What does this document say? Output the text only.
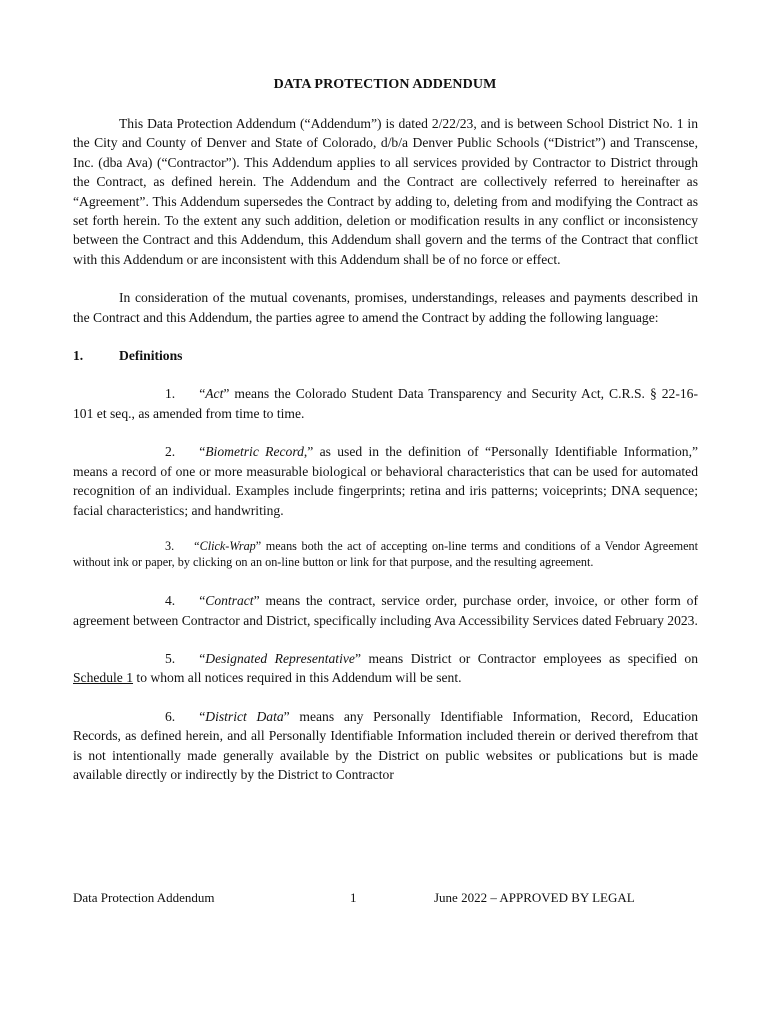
DATA PROTECTION ADDENDUM

This Data Protection Addendum (“Addendum”) is dated 2/22/23, and is between School District No. 1 in the City and County of Denver and State of Colorado, d/b/a Denver Public Schools (“District”) and Transcense, Inc. (dba Ava) (“Contractor”). This Addendum applies to all services provided by Contractor to District through the Contract, as defined herein. The Addendum and the Contract are collectively referred to hereinafter as “Agreement”. This Addendum supersedes the Contract by adding to, deleting from and modifying the Contract as set forth herein. To the extent any such addition, deletion or modification results in any conflict or inconsistency between the Contract and this Addendum, this Addendum shall govern and the terms of the Contract that conflict with this Addendum or are inconsistent with this Addendum shall be of no force or effect.

In consideration of the mutual covenants, promises, understandings, releases and payments described in the Contract and this Addendum, the parties agree to amend the Contract by adding the following language:

1.	Definitions

1. “Act” means the Colorado Student Data Transparency and Security Act, C.R.S. § 22-16-101 et seq., as amended from time to time.

2. “Biometric Record,” as used in the definition of “Personally Identifiable Information,” means a record of one or more measurable biological or behavioral characteristics that can be used for automated recognition of an individual. Examples include fingerprints; retina and iris patterns; voiceprints; DNA sequence; facial characteristics; and handwriting.

3. “Click-Wrap” means both the act of accepting on-line terms and conditions of a Vendor Agreement without ink or paper, by clicking on an on-line button or link for that purpose, and the resulting agreement.

4. “Contract” means the contract, service order, purchase order, invoice, or other form of agreement between Contractor and District, specifically including Ava Accessibility Services dated February 2023.

5. “Designated Representative” means District or Contractor employees as specified on Schedule 1 to whom all notices required in this Addendum will be sent.

6. “District Data” means any Personally Identifiable Information, Record, Education Records, as defined herein, and all Personally Identifiable Information included therein or derived therefrom that is not intentionally made generally available by the District on public websites or publications but is made available directly or indirectly by the District to Contractor

Data Protection Addendum	1	June 2022 – APPROVED BY LEGAL
